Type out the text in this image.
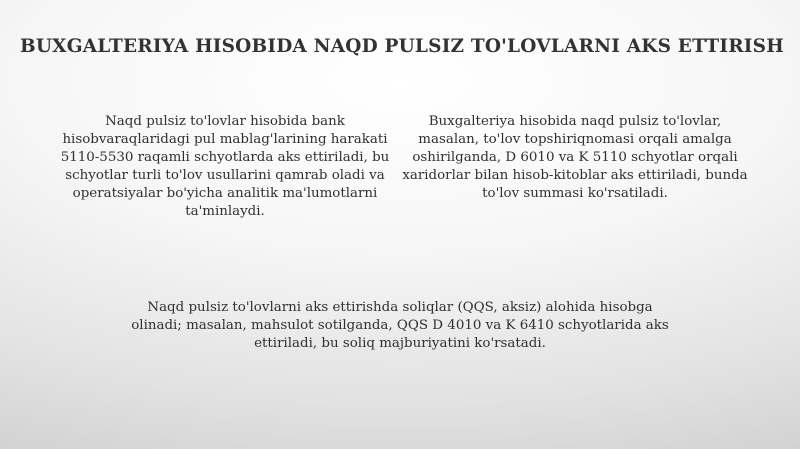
BUXGALTERIYA HISOBIDA NAQD PULSIZ TO'LOVLARNI AKS ETTIRISH
Naqd pulsiz to'lovlar hisobida bank hisobvaraqlaridagi pul mablag'larining harakati 5110-5530 raqamli schyotlarda aks ettiriladi, bu schyotlar turli to'lov usullarini qamrab oladi va operatsiyalar bo'yicha analitik ma'lumotlarni ta'minlaydi.
Buxgalteriya hisobida naqd pulsiz to'lovlar, masalan, to'lov topshiriqnomasi orqali amalga oshirilganda, D 6010 va K 5110 schyotlar orqali xaridorlar bilan hisob-kitoblar aks ettiriladi, bunda to'lov summasi ko'rsatiladi.
Naqd pulsiz to'lovlarni aks ettirishda soliqlar (QQS, aksiz) alohida hisobga olinadi; masalan, mahsulot sotilganda, QQS D 4010 va K 6410 schyotlarida aks ettiriladi, bu soliq majburiyatini ko'rsatadi.
